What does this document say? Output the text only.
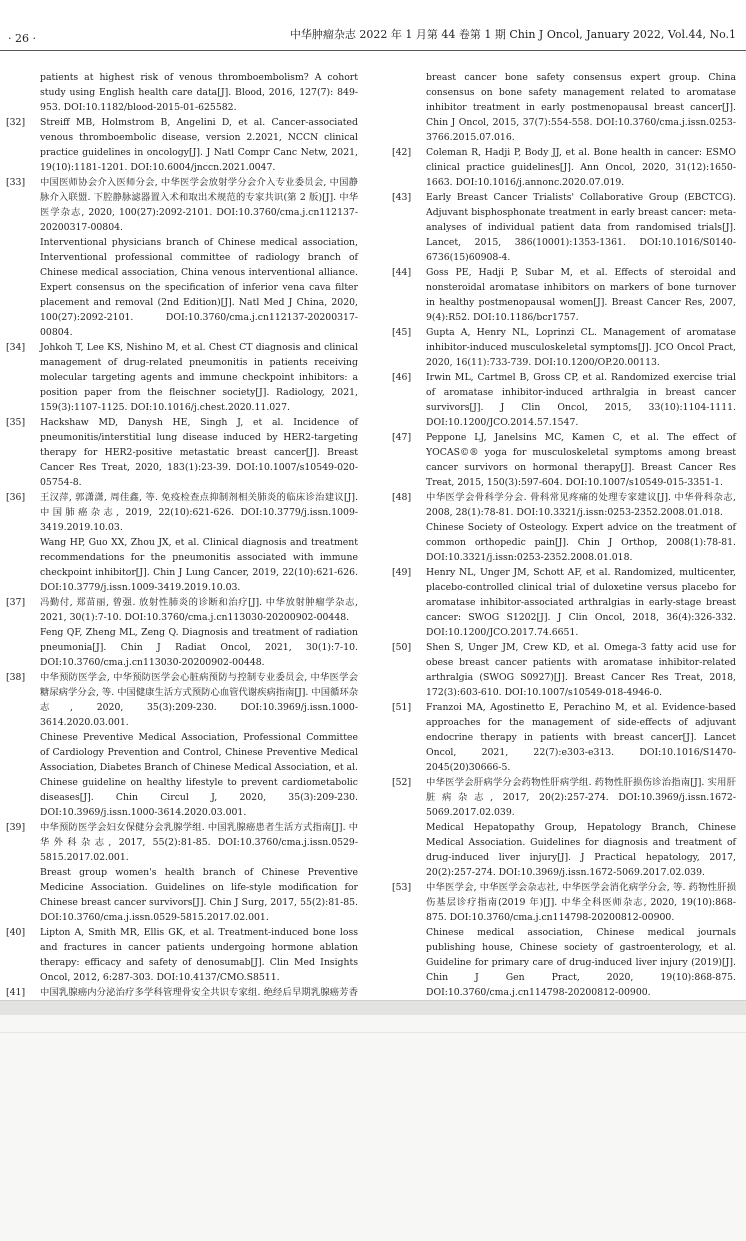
· 26 ·	中华肿瘤杂志 2022 年 1 月第 44 卷第 1 期 Chin J Oncol, January 2022, Vol.44, No.1

patients at highest risk of venous thromboembolism? A cohort study using English health care data[J]. Blood, 2016, 127(7): 849-953. DOI:10.1182/blood-2015-01-625582.

[32]	Streiff MB, Holmstrom B, Angelini D, et al. Cancer-associated venous thromboembolic disease, version 2.2021, NCCN clinical practice guidelines in oncology[J]. J Natl Compr Canc Netw, 2021, 19(10):1181-1201. DOI:10.6004/jnccn.2021.0047.

[33]	中国医师协会介入医师分会, 中华医学会放射学分会介入专业委员会, 中国静脉介入联盟. 下腔静脉滤器置入术和取出术规范的专家共识(第 2 版)[J]. 中华医学杂志, 2020, 100(27):2092-2101. DOI:10.3760/cma.j.cn112137-20200317-00804.

Interventional physicians branch of Chinese medical association, Interventional professional committee of radiology branch of Chinese medical association, China venous interventional alliance. Expert consensus on the specification of inferior vena cava filter placement and removal (2nd Edition)[J]. Natl Med J China, 2020, 100(27):2092-2101. DOI:10.3760/cma.j.cn112137-20200317-00804.

[34]	Johkoh T, Lee KS, Nishino M, et al. Chest CT diagnosis and clinical management of drug-related pneumonitis in patients receiving molecular targeting agents and immune checkpoint inhibitors: a position paper from the fleischner society[J]. Radiology, 2021, 159(3):1107-1125. DOI:10.1016/j.chest.2020.11.027.

[35]	Hackshaw MD, Danysh HE, Singh J, et al. Incidence of pneumonitis/interstitial lung disease induced by HER2-targeting therapy for HER2-positive metastatic breast cancer[J]. Breast Cancer Res Treat, 2020, 183(1):23-39. DOI:10.1007/s10549-020-05754-8.

[36]	王汉萍, 郭潇潇, 周佳鑫, 等. 免疫检查点抑制剂相关肺炎的临床诊治建议[J]. 中国肺癌杂志, 2019, 22(10):621-626. DOI:10.3779/j.issn.1009-3419.2019.10.03.

Wang HP, Guo XX, Zhou JX, et al. Clinical diagnosis and treatment recommendations for the pneumonitis associated with immune checkpoint inhibitor[J]. Chin J Lung Cancer, 2019, 22(10):621-626. DOI:10.3779/j.issn.1009-3419.2019.10.03.

[37]	冯勤付, 郑苗丽, 曾强. 放射性肺炎的诊断和治疗[J]. 中华放射肿瘤学杂志, 2021, 30(1):7-10. DOI:10.3760/cma.j.cn113030-20200902-00448.

Feng QF, Zheng ML, Zeng Q. Diagnosis and treatment of radiation pneumonia[J]. Chin J Radiat Oncol, 2021, 30(1):7-10. DOI:10.3760/cma.j.cn113030-20200902-00448.

[38]	中华预防医学会, 中华预防医学会心脏病预防与控制专业委员会, 中华医学会糖尿病学分会, 等. 中国健康生活方式预防心血管代谢疾病指南[J]. 中国循环杂志, 2020, 35(3):209-230. DOI:10.3969/j.issn.1000-3614.2020.03.001.

Chinese Preventive Medical Association, Professional Committee of Cardiology Prevention and Control, Chinese Preventive Medical Association, Diabetes Branch of Chinese Medical Association, et al. Chinese guideline on healthy lifestyle to prevent cardiometabolic diseases[J]. Chin Circul J, 2020, 35(3):209-230. DOI:10.3969/j.issn.1000-3614.2020.03.001.

[39]	中华预防医学会妇女保健分会乳腺学组. 中国乳腺癌患者生活方式指南[J]. 中华外科杂志, 2017, 55(2):81-85. DOI:10.3760/cma.j.issn.0529-5815.2017.02.001.

Breast group women's health branch of Chinese Preventive Medicine Association. Guidelines on life-style modification for Chinese breast cancer survivors[J]. Chin J Surg, 2017, 55(2):81-85. DOI:10.3760/cma.j.issn.0529-5815.2017.02.001.

[40]	Lipton A, Smith MR, Ellis GK, et al. Treatment-induced bone loss and fractures in cancer patients undergoing hormone ablation therapy: efficacy and safety of denosumab[J]. Clin Med Insights Oncol, 2012, 6:287-303. DOI:10.4137/CMO.S8511.

[41]	中国乳腺癌内分泌治疗多学科管理骨安全共识专家组. 绝经后早期乳腺癌芳香

breast cancer bone safety consensus expert group. China consensus on bone safety management related to aromatase inhibitor treatment in early postmenopausal breast cancer[J]. Chin J Oncol, 2015, 37(7):554-558. DOI:10.3760/cma.j.issn.0253-3766.2015.07.016.

[42]	Coleman R, Hadji P, Body JJ, et al. Bone health in cancer: ESMO clinical practice guidelines[J]. Ann Oncol, 2020, 31(12):1650-1663. DOI:10.1016/j.annonc.2020.07.019.

[43]	Early Breast Cancer Trialists' Collaborative Group (EBCTCG). Adjuvant bisphosphonate treatment in early breast cancer: meta-analyses of individual patient data from randomised trials[J]. Lancet, 2015, 386(10001):1353-1361. DOI:10.1016/S0140-6736(15)60908-4.

[44]	Goss PE, Hadji P, Subar M, et al. Effects of steroidal and nonsteroidal aromatase inhibitors on markers of bone turnover in healthy postmenopausal women[J]. Breast Cancer Res, 2007, 9(4):R52. DOI:10.1186/bcr1757.

[45]	Gupta A, Henry NL, Loprinzi CL. Management of aromatase inhibitor-induced musculoskeletal symptoms[J]. JCO Oncol Pract, 2020, 16(11):733-739. DOI:10.1200/OP.20.00113.

[46]	Irwin ML, Cartmel B, Gross CP, et al. Randomized exercise trial of aromatase inhibitor-induced arthralgia in breast cancer survivors[J]. J Clin Oncol, 2015, 33(10):1104-1111. DOI:10.1200/JCO.2014.57.1547.

[47]	Peppone LJ, Janelsins MC, Kamen C, et al. The effect of YOCAS©® yoga for musculoskeletal symptoms among breast cancer survivors on hormonal therapy[J]. Breast Cancer Res Treat, 2015, 150(3):597-604. DOI:10.1007/s10549-015-3351-1.

[48]	中华医学会骨科学分会. 骨科常见疼痛的处理专家建议[J]. 中华骨科杂志, 2008, 28(1):78-81. DOI:10.3321/j.issn:0253-2352.2008.01.018.

Chinese Society of Osteology. Expert advice on the treatment of common orthopedic pain[J]. Chin J Orthop, 2008(1):78-81. DOI:10.3321/j.issn:0253-2352.2008.01.018.

[49]	Henry NL, Unger JM, Schott AF, et al. Randomized, multicenter, placebo-controlled clinical trial of duloxetine versus placebo for aromatase inhibitor-associated arthralgias in early-stage breast cancer: SWOG S1202[J]. J Clin Oncol, 2018, 36(4):326-332. DOI:10.1200/JCO.2017.74.6651.

[50]	Shen S, Unger JM, Crew KD, et al. Omega-3 fatty acid use for obese breast cancer patients with aromatase inhibitor-related arthralgia (SWOG S0927)[J]. Breast Cancer Res Treat, 2018, 172(3):603-610. DOI:10.1007/s10549-018-4946-0.

[51]	Franzoi MA, Agostinetto E, Perachino M, et al. Evidence-based approaches for the management of side-effects of adjuvant endocrine therapy in patients with breast cancer[J]. Lancet Oncol, 2021, 22(7):e303-e313. DOI:10.1016/S1470-2045(20)30666-5.

[52]	中华医学会肝病学分会药物性肝病学组. 药物性肝损伤诊治指南[J]. 实用肝脏病杂志, 2017, 20(2):257-274. DOI:10.3969/j.issn.1672-5069.2017.02.039.

Medical Hepatopathy Group, Hepatology Branch, Chinese Medical Association. Guidelines for diagnosis and treatment of drug-induced liver injury[J]. J Practical hepatology, 2017, 20(2):257-274. DOI:10.3969/j.issn.1672-5069.2017.02.039.

[53]	中华医学会, 中华医学会杂志社, 中华医学会消化病学分会, 等. 药物性肝损伤基层诊疗指南(2019 年)[J]. 中华全科医师杂志, 2020, 19(10):868-875. DOI:10.3760/cma.j.cn114798-20200812-00900.

Chinese medical association, Chinese medical journals publishing house, Chinese society of gastroenterology, et al. Guideline for primary care of drug-induced liver injury (2019)[J]. Chin J Gen Pract, 2020, 19(10):868-875. DOI:10.3760/cma.j.cn114798-20200812-00900.
